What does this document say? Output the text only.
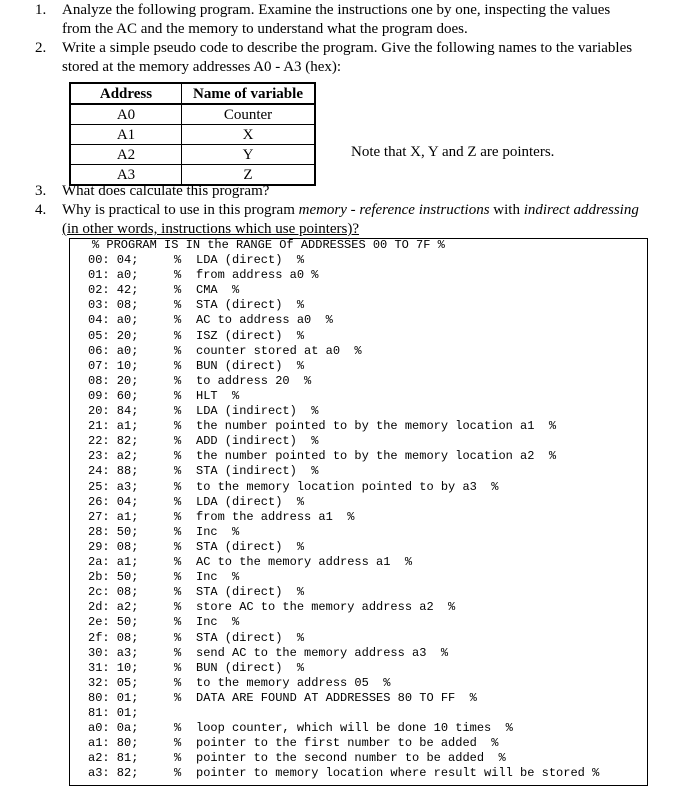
1. Analyze the following program. Examine the instructions one by one, inspecting the values
from the AC and the memory to understand what the program does.
2. Write a simple pseudo code to describe the program. Give the following names to the variables
stored at the memory addresses A0 - A3 (hex):
Address	Name of variable
A0	Counter
A1	X
A2	Y
A3	Z
Note that X, Y and Z are pointers.
3. What does calculate this program?
4. Why is practical to use in this program memory - reference instructions with indirect addressing
(in other words, instructions which use pointers)?
% PROGRAM IS IN the RANGE Of ADDRESSES 00 TO 7F %
00: 04;	% LDA (direct)  %
01: a0;	% from address a0 %
02: 42;	% CMA  %
03: 08;	% STA (direct)  %
04: a0;	% AC to address a0  %
05: 20;	% ISZ (direct)  %
06: a0;	% counter stored at a0  %
07: 10;	% BUN (direct)  %
08: 20;	% to address 20  %
09: 60;	% HLT  %
20: 84;	% LDA (indirect)  %
21: a1;	% the number pointed to by the memory location a1  %
22: 82;	% ADD (indirect)  %
23: a2;	% the number pointed to by the memory location a2  %
24: 88;	% STA (indirect)  %
25: a3;	% to the memory location pointed to by a3  %
26: 04;	% LDA (direct)  %
27: a1;	% from the address a1  %
28: 50;	% Inc  %
29: 08;	% STA (direct)  %
2a: a1;	% AC to the memory address a1  %
2b: 50;	% Inc  %
2c: 08;	% STA (direct)  %
2d: a2;	% store AC to the memory address a2  %
2e: 50;	% Inc  %
2f: 08;	% STA (direct)  %
30: a3;	% send AC to the memory address a3  %
31: 10;	% BUN (direct)  %
32: 05;	% to the memory address 05  %
80: 01;	% DATA ARE FOUND AT ADDRESSES 80 TO FF  %
81: 01;
a0: 0a;	% loop counter, which will be done 10 times  %
a1: 80;	% pointer to the first number to be added  %
a2: 81;	% pointer to the second number to be added  %
a3: 82;	% pointer to memory location where result will be stored %
